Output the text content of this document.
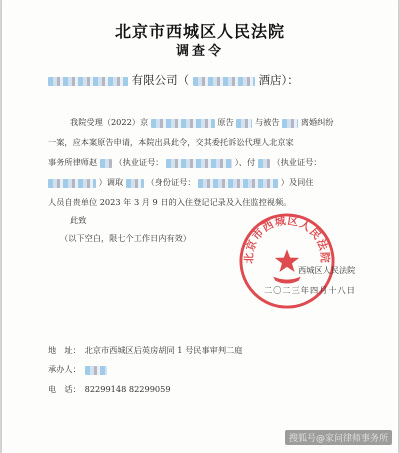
北京市西城区人民法院
调查令
有限公司（	酒店）：
我院受理（2022）京	原告	与被告	离婚纠纷
一案，应本案原告申请，本院出具此令，交其委托诉讼代理人北京家
事务所律师赵 （执业证号：	）、付 （执业证号：
）调取	（身份证号：	）及同住
人员自贵单位 2023 年 3 月 9 日的入住登记记录及入住监控视频。
此致
（以下空白，限七个工作日内有效）
北京市西城区人民法院
西城区人民法院
二〇二三年四月十八日
地　址： 北京市西城区后英房胡同 1 号民事审判二庭
承办人：
电　话： 82299148 82299059
搜狐号@家问律师事务所
